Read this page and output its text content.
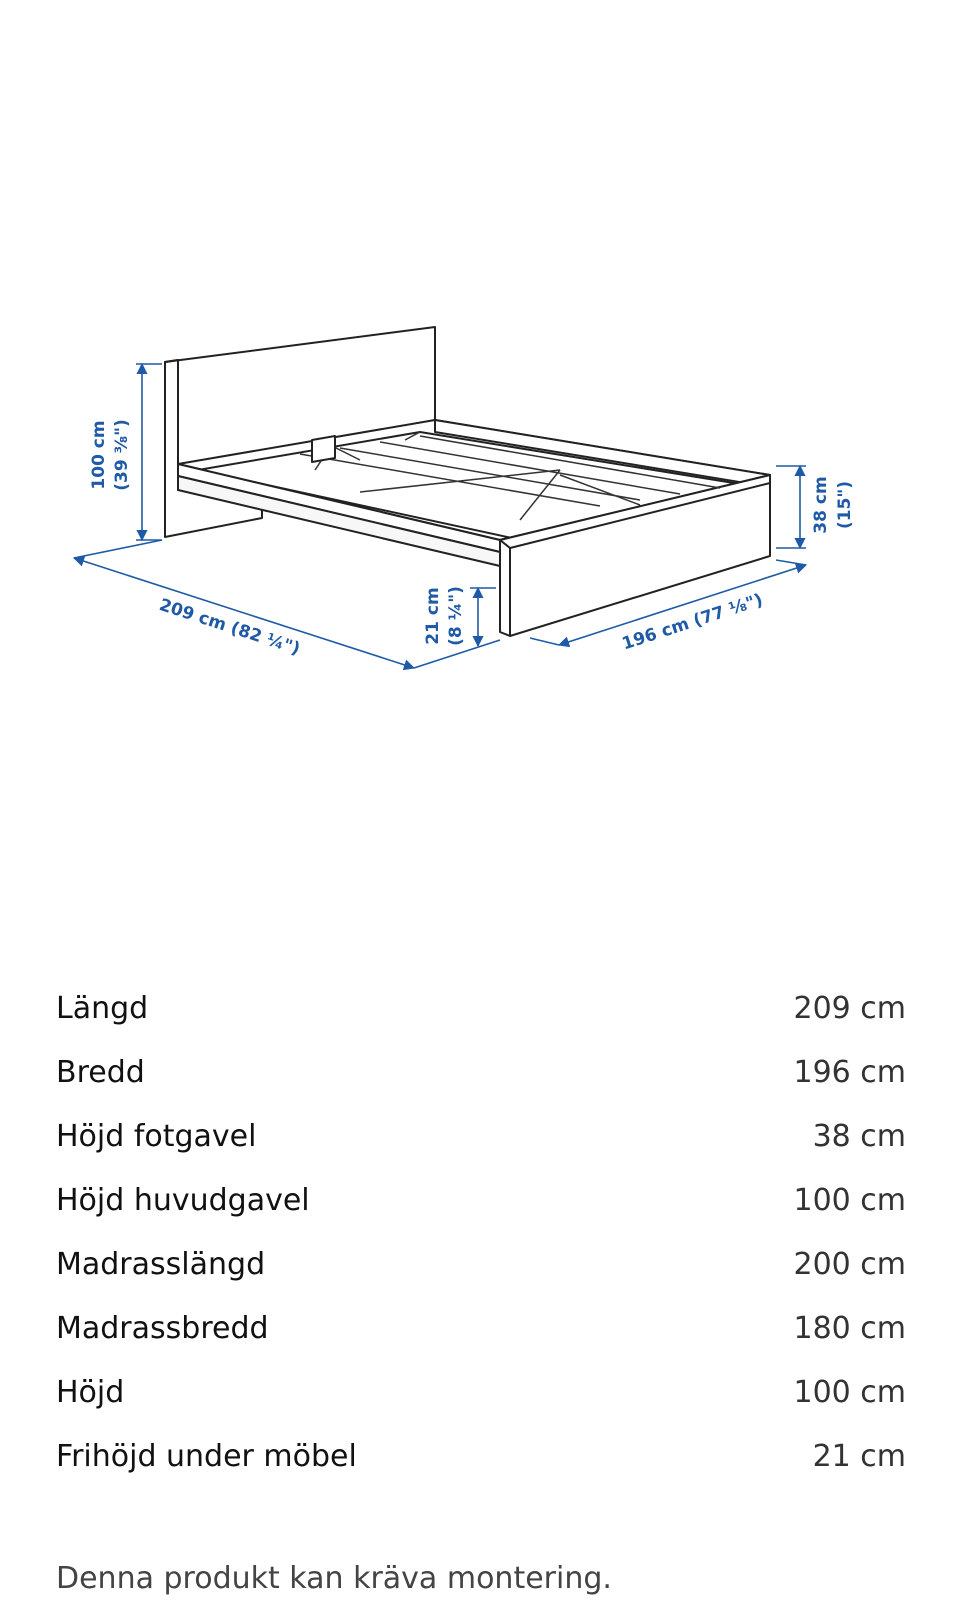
100 cm (39 ⅜")
209 cm (82 ¼")	196 cm (77 ⅛")
38 cm (15")
21 cm (8 ¼")
Längd	209 cm
Bredd	196 cm
Höjd fotgavel	38 cm
Höjd huvudgavel	100 cm
Madrasslängd	200 cm
Madrassbredd	180 cm
Höjd	100 cm
Frihöjd under möbel	21 cm
Denna produkt kan kräva montering.
